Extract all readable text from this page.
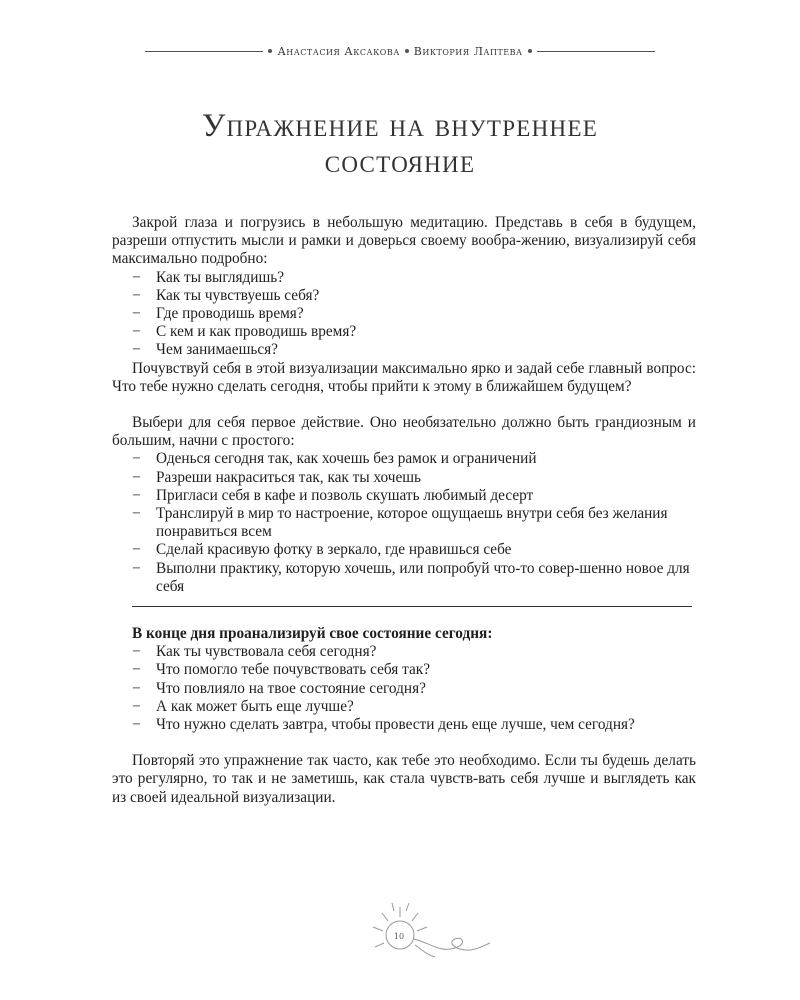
Анастасия Аксакова Виктория Лаптева
Упражнение на внутреннее
состояние

Закрой глаза и погрузись в небольшую медитацию. Представь в себя в будущем, разреши отпустить мысли и рамки и доверься своему вообра-жению, визуализируй себя максимально подробно:

− Как ты выглядишь?
− Как ты чувствуешь себя?
− Где проводишь время?
− С кем и как проводишь время?
− Чем занимаешься?

Почувствуй себя в этой визуализации максимально ярко и задай себе главный вопрос: Что тебе нужно сделать сегодня, чтобы прийти к этому в ближайшем будущем?

Выбери для себя первое действие. Оно необязательно должно быть грандиозным и большим, начни с простого:

− Оденься сегодня так, как хочешь без рамок и ограничений
− Разреши накраситься так, как ты хочешь
− Пригласи себя в кафе и позволь скушать любимый десерт
− Транслируй в мир то настроение, которое ощущаешь внутри себя без желания понравиться всем
− Сделай красивую фотку в зеркало, где нравишься себе
− Выполни практику, которую хочешь, или попробуй что-то совер-шенно новое для себя

В конце дня проанализируй свое состояние сегодня:

− Как ты чувствовала себя сегодня?
− Что помогло тебе почувствовать себя так?
− Что повлияло на твое состояние сегодня?
− А как может быть еще лучше?
− Что нужно сделать завтра, чтобы провести день еще лучше, чем сегодня?

Повторяй это упражнение так часто, как тебе это необходимо. Если ты будешь делать это регулярно, то так и не заметишь, как стала чувств-вать себя лучше и выглядеть как из своей идеальной визуализации.

10
